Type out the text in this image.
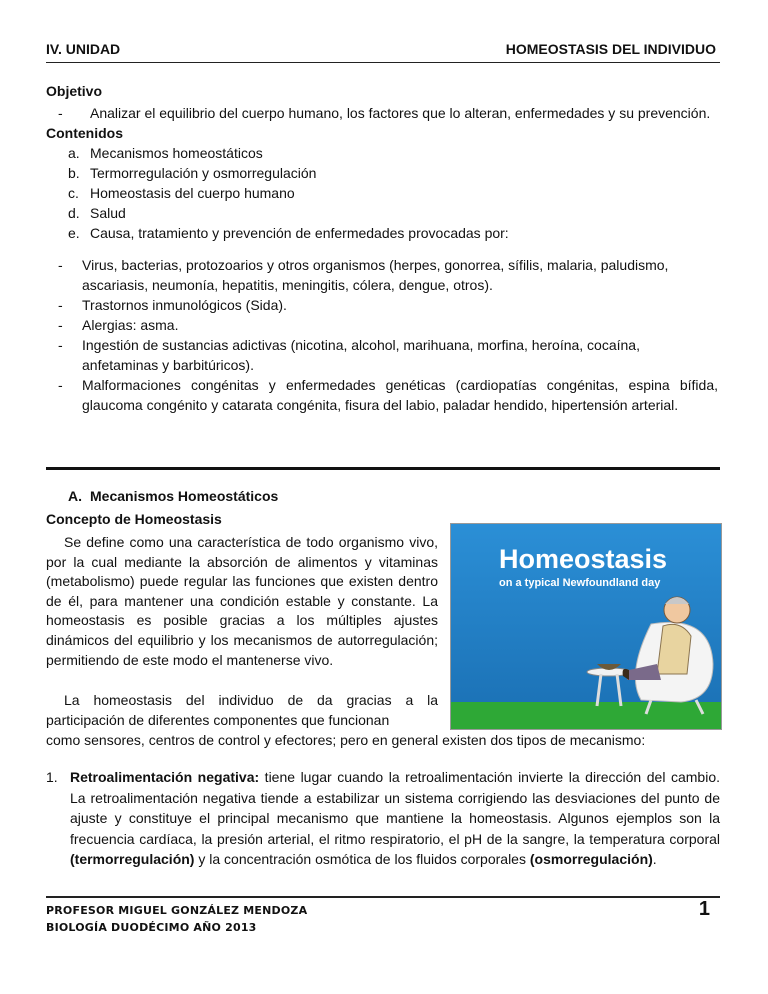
IV. UNIDAD	HOMEOSTASIS DEL INDIVIDUO
Objetivo
- Analizar el equilibrio del cuerpo humano, los factores que lo alteran, enfermedades y su prevención.
Contenidos
a. Mecanismos homeostáticos
b. Termorregulación y osmorregulación
c. Homeostasis del cuerpo humano
d. Salud
e. Causa, tratamiento y prevención de enfermedades provocadas por:
- Virus, bacterias, protozoarios y otros organismos (herpes, gonorrea, sífilis, malaria, paludismo, ascariasis, neumonía, hepatitis, meningitis, cólera, dengue, otros).
- Trastornos inmunológicos (Sida).
- Alergias: asma.
- Ingestión de sustancias adictivas (nicotina, alcohol, marihuana, morfina, heroína, cocaína, anfetaminas y barbitúricos).
- Malformaciones congénitas y enfermedades genéticas (cardiopatías congénitas, espina bífida, glaucoma congénito y catarata congénita, fisura del labio, paladar hendido, hipertensión arterial.
A. Mecanismos Homeostáticos
Concepto de Homeostasis
Se define como una característica de todo organismo vivo, por la cual mediante la absorción de alimentos y vitaminas (metabolismo) puede regular las funciones que existen dentro de él, para mantener una condición estable y constante. La homeostasis es posible gracias a los múltiples ajustes dinámicos del equilibrio y los mecanismos de autorregulación; permitiendo de este modo el mantenerse vivo.
La homeostasis del individuo de da gracias a la participación de diferentes componentes que funcionan
como sensores, centros de control y efectores; pero en general existen dos tipos de mecanismo:
Homeostasis
on a typical Newfoundland day
1. Retroalimentación negativa: tiene lugar cuando la retroalimentación invierte la dirección del cambio. La retroalimentación negativa tiende a estabilizar un sistema corrigiendo las desviaciones del punto de ajuste y constituye el principal mecanismo que mantiene la homeostasis. Algunos ejemplos son la frecuencia cardíaca, la presión arterial, el ritmo respiratorio, el pH de la sangre, la temperatura corporal (termorregulación) y la concentración osmótica de los fluidos corporales (osmorregulación).
PROFESOR MIGUEL GONZÁLEZ MENDOZA
BIOLOGÍA DUODÉCIMO AÑO 2013
1
